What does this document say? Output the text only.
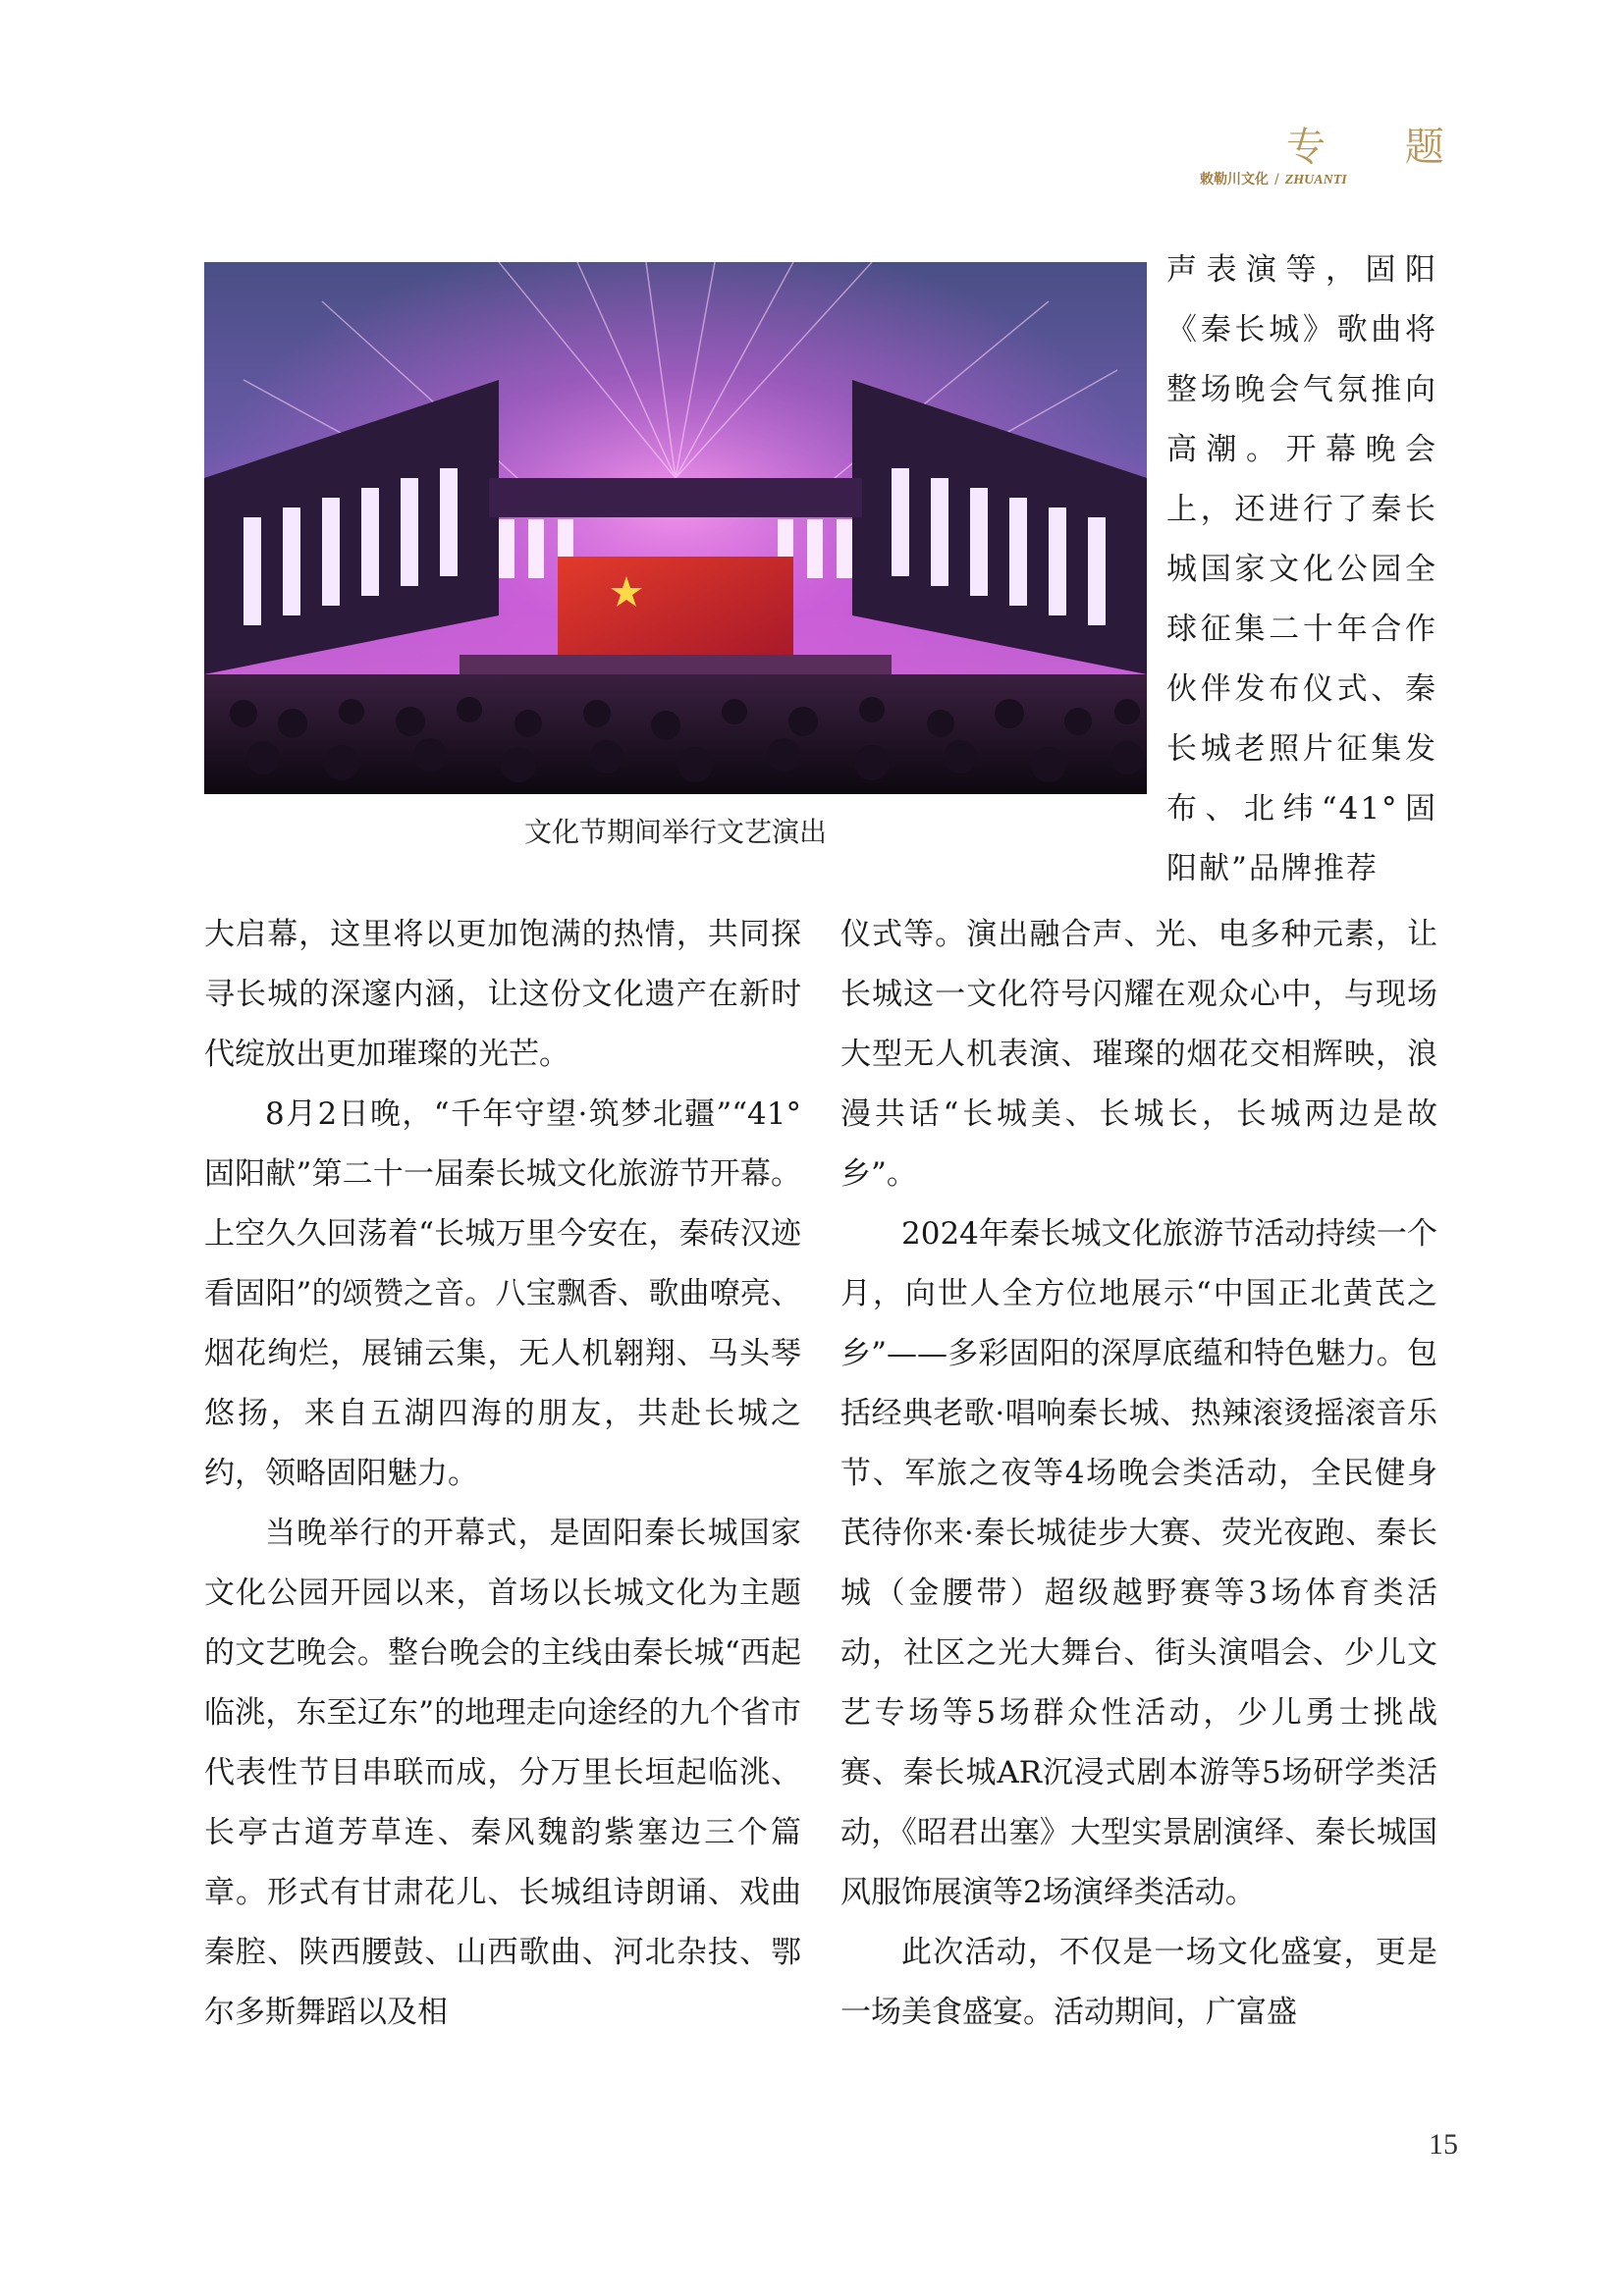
专 题
敕勒川文化 / ZHUANTI
文化节期间举行文艺演出

声表演等，固阳《秦长城》歌曲将整场晚会气氛推向高潮。开幕晚会上，还进行了秦长城国家文化公园全球征集二十年合作伙伴发布仪式、秦长城老照片征集发布、北纬“41°固阳献”品牌推荐

大启幕，这里将以更加饱满的热情，共同探寻长城的深邃内涵，让这份文化遗产在新时代绽放出更加璀璨的光芒。

8月2日晚，“千年守望·筑梦北疆”“41°固阳献”第二十一届秦长城文化旅游节开幕。上空久久回荡着“长城万里今安在，秦砖汉迹看固阳”的颂赞之音。八宝飘香、歌曲嘹亮、烟花绚烂，展铺云集，无人机翱翔、马头琴悠扬，来自五湖四海的朋友，共赴长城之约，领略固阳魅力。

当晚举行的开幕式，是固阳秦长城国家文化公园开园以来，首场以长城文化为主题的文艺晚会。整台晚会的主线由秦长城“西起临洮，东至辽东”的地理走向途经的九个省市代表性节目串联而成，分万里长垣起临洮、长亭古道芳草连、秦风魏韵紫塞边三个篇章。形式有甘肃花儿、长城组诗朗诵、戏曲秦腔、陕西腰鼓、山西歌曲、河北杂技、鄂尔多斯舞蹈以及相

仪式等。演出融合声、光、电多种元素，让长城这一文化符号闪耀在观众心中，与现场大型无人机表演、璀璨的烟花交相辉映，浪漫共话“长城美、长城长，长城两边是故乡”。

2024年秦长城文化旅游节活动持续一个月，向世人全方位地展示“中国正北黄芪之乡”——多彩固阳的深厚底蕴和特色魅力。包括经典老歌·唱响秦长城、热辣滚烫摇滚音乐节、军旅之夜等4场晚会类活动，全民健身芪待你来·秦长城徒步大赛、荧光夜跑、秦长城（金腰带）超级越野赛等3场体育类活动，社区之光大舞台、街头演唱会、少儿文艺专场等5场群众性活动，少儿勇士挑战赛、秦长城AR沉浸式剧本游等5场研学类活动，《昭君出塞》大型实景剧演绎、秦长城国风服饰展演等2场演绎类活动。

此次活动，不仅是一场文化盛宴，更是一场美食盛宴。活动期间，广富盛

15
